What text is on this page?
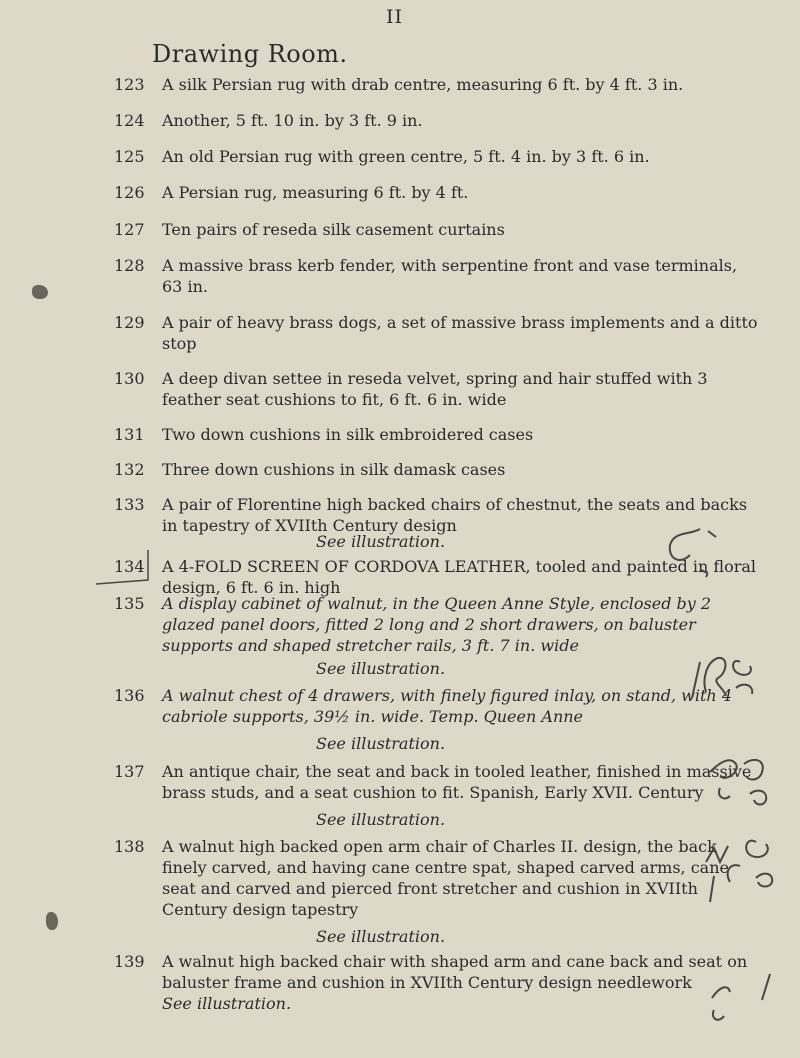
II
Drawing Room.
123	A silk Persian rug with drab centre, measuring 6 ft. by 4 ft. 3 in.
124	Another, 5 ft. 10 in. by 3 ft. 9 in.
125	An old Persian rug with green centre, 5 ft. 4 in. by 3 ft. 6 in.
126	A Persian rug, measuring 6 ft. by 4 ft.
127	Ten pairs of reseda silk casement curtains
128	A massive brass kerb fender, with serpentine front and vase terminals, 63 in.
129	A pair of heavy brass dogs, a set of massive brass implements and a ditto stop
130	A deep divan settee in reseda velvet, spring and hair stuffed with 3 feather seat cushions to fit, 6 ft. 6 in. wide
131	Two down cushions in silk embroidered cases
132	Three down cushions in silk damask cases
133	A pair of Florentine high backed chairs of chestnut, the seats and backs in tapestry of XVIIth Century design
See illustration.
134	A 4-FOLD SCREEN OF CORDOVA LEATHER, tooled and painted in floral design, 6 ft. 6 in. high
135	A display cabinet of walnut, in the Queen Anne Style, enclosed by 2 glazed panel doors, fitted 2 long and 2 short drawers, on baluster supports and shaped stretcher rails, 3 ft. 7 in. wide
See illustration.
136	A walnut chest of 4 drawers, with finely figured inlay, on stand, with 4 cabriole supports, 39½ in. wide. Temp. Queen Anne
See illustration.
137	An antique chair, the seat and back in tooled leather, finished in massive brass studs, and a seat cushion to fit. Spanish, Early XVII. Century
See illustration.
138	A walnut high backed open arm chair of Charles II. design, the back finely carved, and having cane centre spat, shaped carved arms, cane seat and carved and pierced front stretcher and cushion in XVIIth Century design tapestry
See illustration.
139	A walnut high backed chair with shaped arm and cane back and seat on baluster frame and cushion in XVIIth Century design needlework
See illustration.
